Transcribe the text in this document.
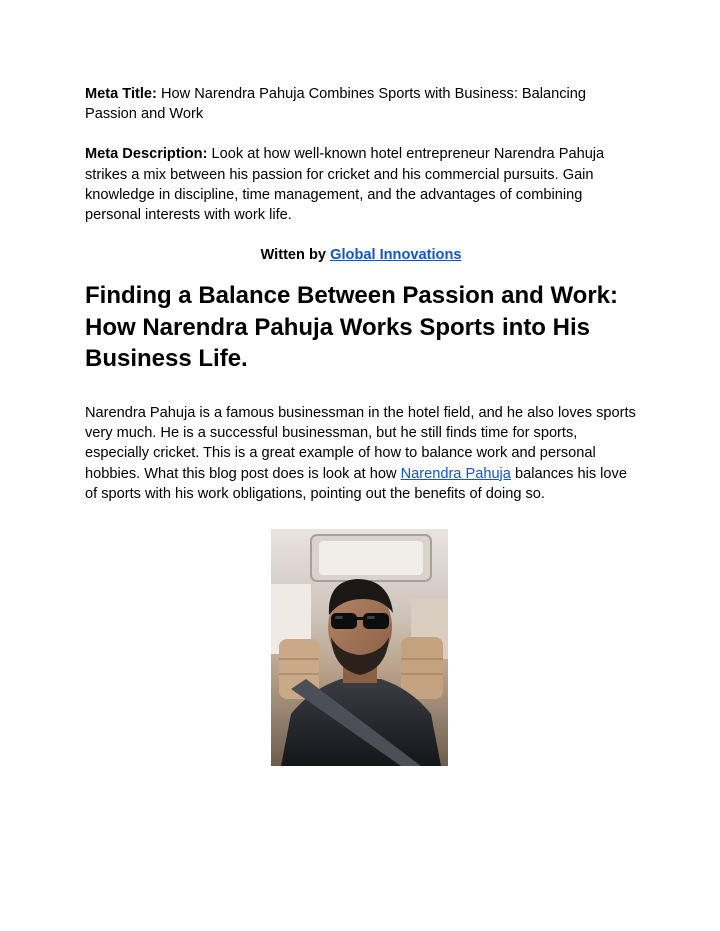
Meta Title: How Narendra Pahuja Combines Sports with Business: Balancing Passion and Work

Meta Description: Look at how well-known hotel entrepreneur Narendra Pahuja strikes a mix between his passion for cricket and his commercial pursuits. Gain knowledge in discipline, time management, and the advantages of combining personal interests with work life.

Witten by Global Innovations

Finding a Balance Between Passion and Work: How Narendra Pahuja Works Sports into His Business Life.

Narendra Pahuja is a famous businessman in the hotel field, and he also loves sports very much. He is a successful businessman, but he still finds time for sports, especially cricket. This is a great example of how to balance work and personal hobbies. What this blog post does is look at how Narendra Pahuja balances his love of sports with his work obligations, pointing out the benefits of doing so.
